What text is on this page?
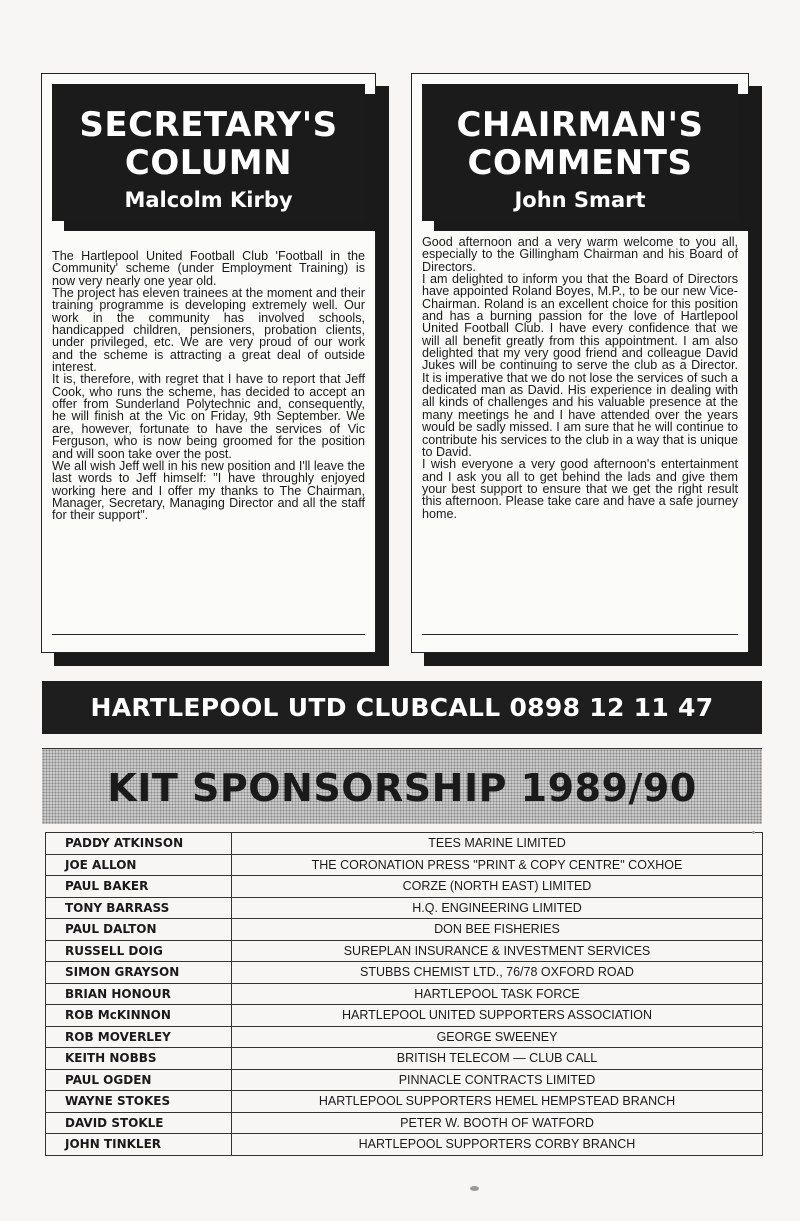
SECRETARY'S
COLUMN
Malcolm Kirby

The Hartlepool United Football Club 'Football in the Community' scheme (under Employment Training) is now very nearly one year old.

The project has eleven trainees at the moment and their training programme is developing extremely well. Our work in the community has involved schools, handicapped children, pensioners, probation clients, under privileged, etc. We are very proud of our work and the scheme is attracting a great deal of outside interest.

It is, therefore, with regret that I have to report that Jeff Cook, who runs the scheme, has decided to accept an offer from Sunderland Polytechnic and, consequently, he will finish at the Vic on Friday, 9th September. We are, however, fortunate to have the services of Vic Ferguson, who is now being groomed for the position and will soon take over the post.

We all wish Jeff well in his new position and I'll leave the last words to Jeff himself: "I have throughly enjoyed working here and I offer my thanks to The Chairman, Manager, Secretary, Managing Director and all the staff for their support".

CHAIRMAN'S
COMMENTS
John Smart

Good afternoon and a very warm welcome to you all, especially to the Gillingham Chairman and his Board of Directors.

I am delighted to inform you that the Board of Directors have appointed Roland Boyes, M.P., to be our new Vice-Chairman. Roland is an excellent choice for this position and has a burning passion for the love of Hartlepool United Football Club. I have every confidence that we will all benefit greatly from this appointment. I am also delighted that my very good friend and colleague David Jukes will be continuing to serve the club as a Director. It is imperative that we do not lose the services of such a dedicated man as David. His experience in dealing with all kinds of challenges and his valuable presence at the many meetings he and I have attended over the years would be sadly missed. I am sure that he will continue to contribute his services to the club in a way that is unique to David.

I wish everyone a very good afternoon's entertainment and I ask you all to get behind the lads and give them your best support to ensure that we get the right result this afternoon. Please take care and have a safe journey home.

HARTLEPOOL UTD CLUBCALL 0898 12 11 47
KIT SPONSORSHIP 1989/90
PADDY ATKINSON	TEES MARINE LIMITED
JOE ALLON	THE CORONATION PRESS "PRINT & COPY CENTRE" COXHOE
PAUL BAKER	CORZE (NORTH EAST) LIMITED
TONY BARRASS	H.Q. ENGINEERING LIMITED
PAUL DALTON	DON BEE FISHERIES
RUSSELL DOIG	SUREPLAN INSURANCE & INVESTMENT SERVICES
SIMON GRAYSON	STUBBS CHEMIST LTD., 76/78 OXFORD ROAD
BRIAN HONOUR	HARTLEPOOL TASK FORCE
ROB McKINNON	HARTLEPOOL UNITED SUPPORTERS ASSOCIATION
ROB MOVERLEY	GEORGE SWEENEY
KEITH NOBBS	BRITISH TELECOM — CLUB CALL
PAUL OGDEN	PINNACLE CONTRACTS LIMITED
WAYNE STOKES	HARTLEPOOL SUPPORTERS HEMEL HEMPSTEAD BRANCH
DAVID STOKLE	PETER W. BOOTH OF WATFORD
JOHN TINKLER	HARTLEPOOL SUPPORTERS CORBY BRANCH
